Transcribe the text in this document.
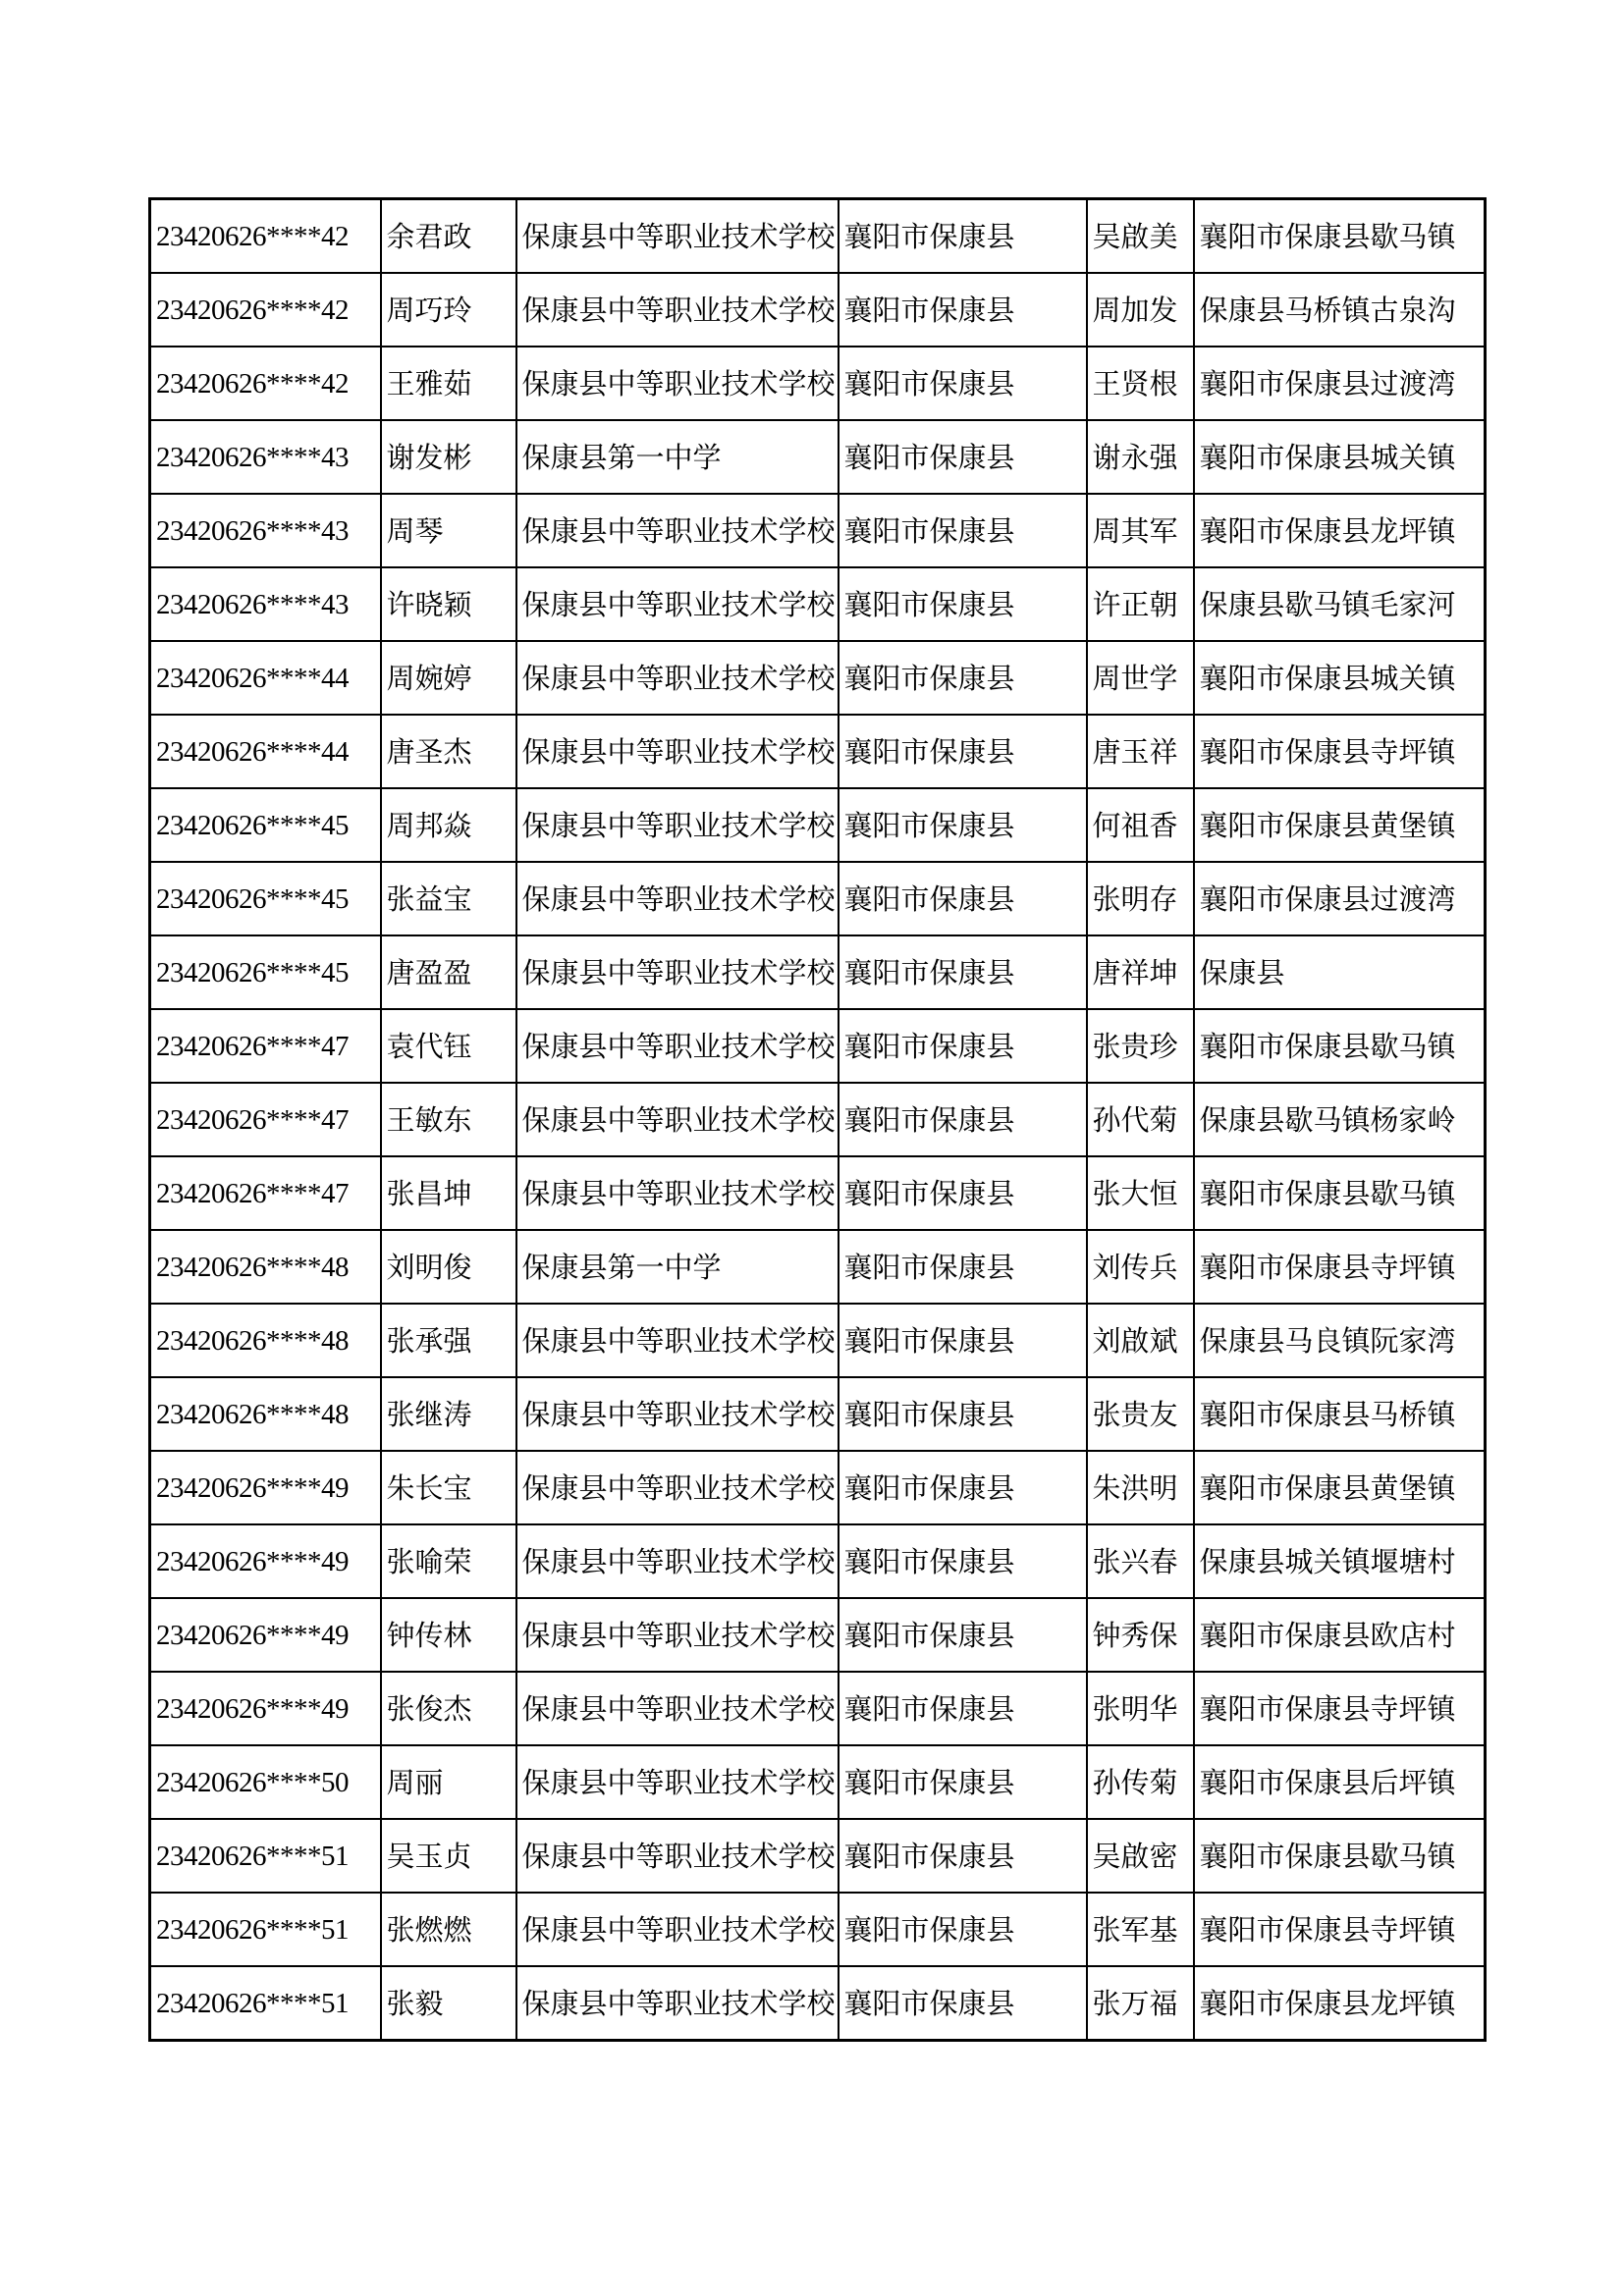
23420626****42	余君政	保康县中等职业技术学校	襄阳市保康县	吴啟美	襄阳市保康县歇马镇
23420626****42	周巧玲	保康县中等职业技术学校	襄阳市保康县	周加发	保康县马桥镇古泉沟
23420626****42	王雅茹	保康县中等职业技术学校	襄阳市保康县	王贤根	襄阳市保康县过渡湾
23420626****43	谢发彬	保康县第一中学	襄阳市保康县	谢永强	襄阳市保康县城关镇
23420626****43	周琴	保康县中等职业技术学校	襄阳市保康县	周其军	襄阳市保康县龙坪镇
23420626****43	许晓颖	保康县中等职业技术学校	襄阳市保康县	许正朝	保康县歇马镇毛家河
23420626****44	周婉婷	保康县中等职业技术学校	襄阳市保康县	周世学	襄阳市保康县城关镇
23420626****44	唐圣杰	保康县中等职业技术学校	襄阳市保康县	唐玉祥	襄阳市保康县寺坪镇
23420626****45	周邦焱	保康县中等职业技术学校	襄阳市保康县	何祖香	襄阳市保康县黄堡镇
23420626****45	张益宝	保康县中等职业技术学校	襄阳市保康县	张明存	襄阳市保康县过渡湾
23420626****45	唐盈盈	保康县中等职业技术学校	襄阳市保康县	唐祥坤	保康县
23420626****47	袁代钰	保康县中等职业技术学校	襄阳市保康县	张贵珍	襄阳市保康县歇马镇
23420626****47	王敏东	保康县中等职业技术学校	襄阳市保康县	孙代菊	保康县歇马镇杨家岭
23420626****47	张昌坤	保康县中等职业技术学校	襄阳市保康县	张大恒	襄阳市保康县歇马镇
23420626****48	刘明俊	保康县第一中学	襄阳市保康县	刘传兵	襄阳市保康县寺坪镇
23420626****48	张承强	保康县中等职业技术学校	襄阳市保康县	刘啟斌	保康县马良镇阮家湾
23420626****48	张继涛	保康县中等职业技术学校	襄阳市保康县	张贵友	襄阳市保康县马桥镇
23420626****49	朱长宝	保康县中等职业技术学校	襄阳市保康县	朱洪明	襄阳市保康县黄堡镇
23420626****49	张喻荣	保康县中等职业技术学校	襄阳市保康县	张兴春	保康县城关镇堰塘村
23420626****49	钟传林	保康县中等职业技术学校	襄阳市保康县	钟秀保	襄阳市保康县欧店村
23420626****49	张俊杰	保康县中等职业技术学校	襄阳市保康县	张明华	襄阳市保康县寺坪镇
23420626****50	周丽	保康县中等职业技术学校	襄阳市保康县	孙传菊	襄阳市保康县后坪镇
23420626****51	吴玉贞	保康县中等职业技术学校	襄阳市保康县	吴啟密	襄阳市保康县歇马镇
23420626****51	张燃燃	保康县中等职业技术学校	襄阳市保康县	张军基	襄阳市保康县寺坪镇
23420626****51	张毅	保康县中等职业技术学校	襄阳市保康县	张万福	襄阳市保康县龙坪镇
